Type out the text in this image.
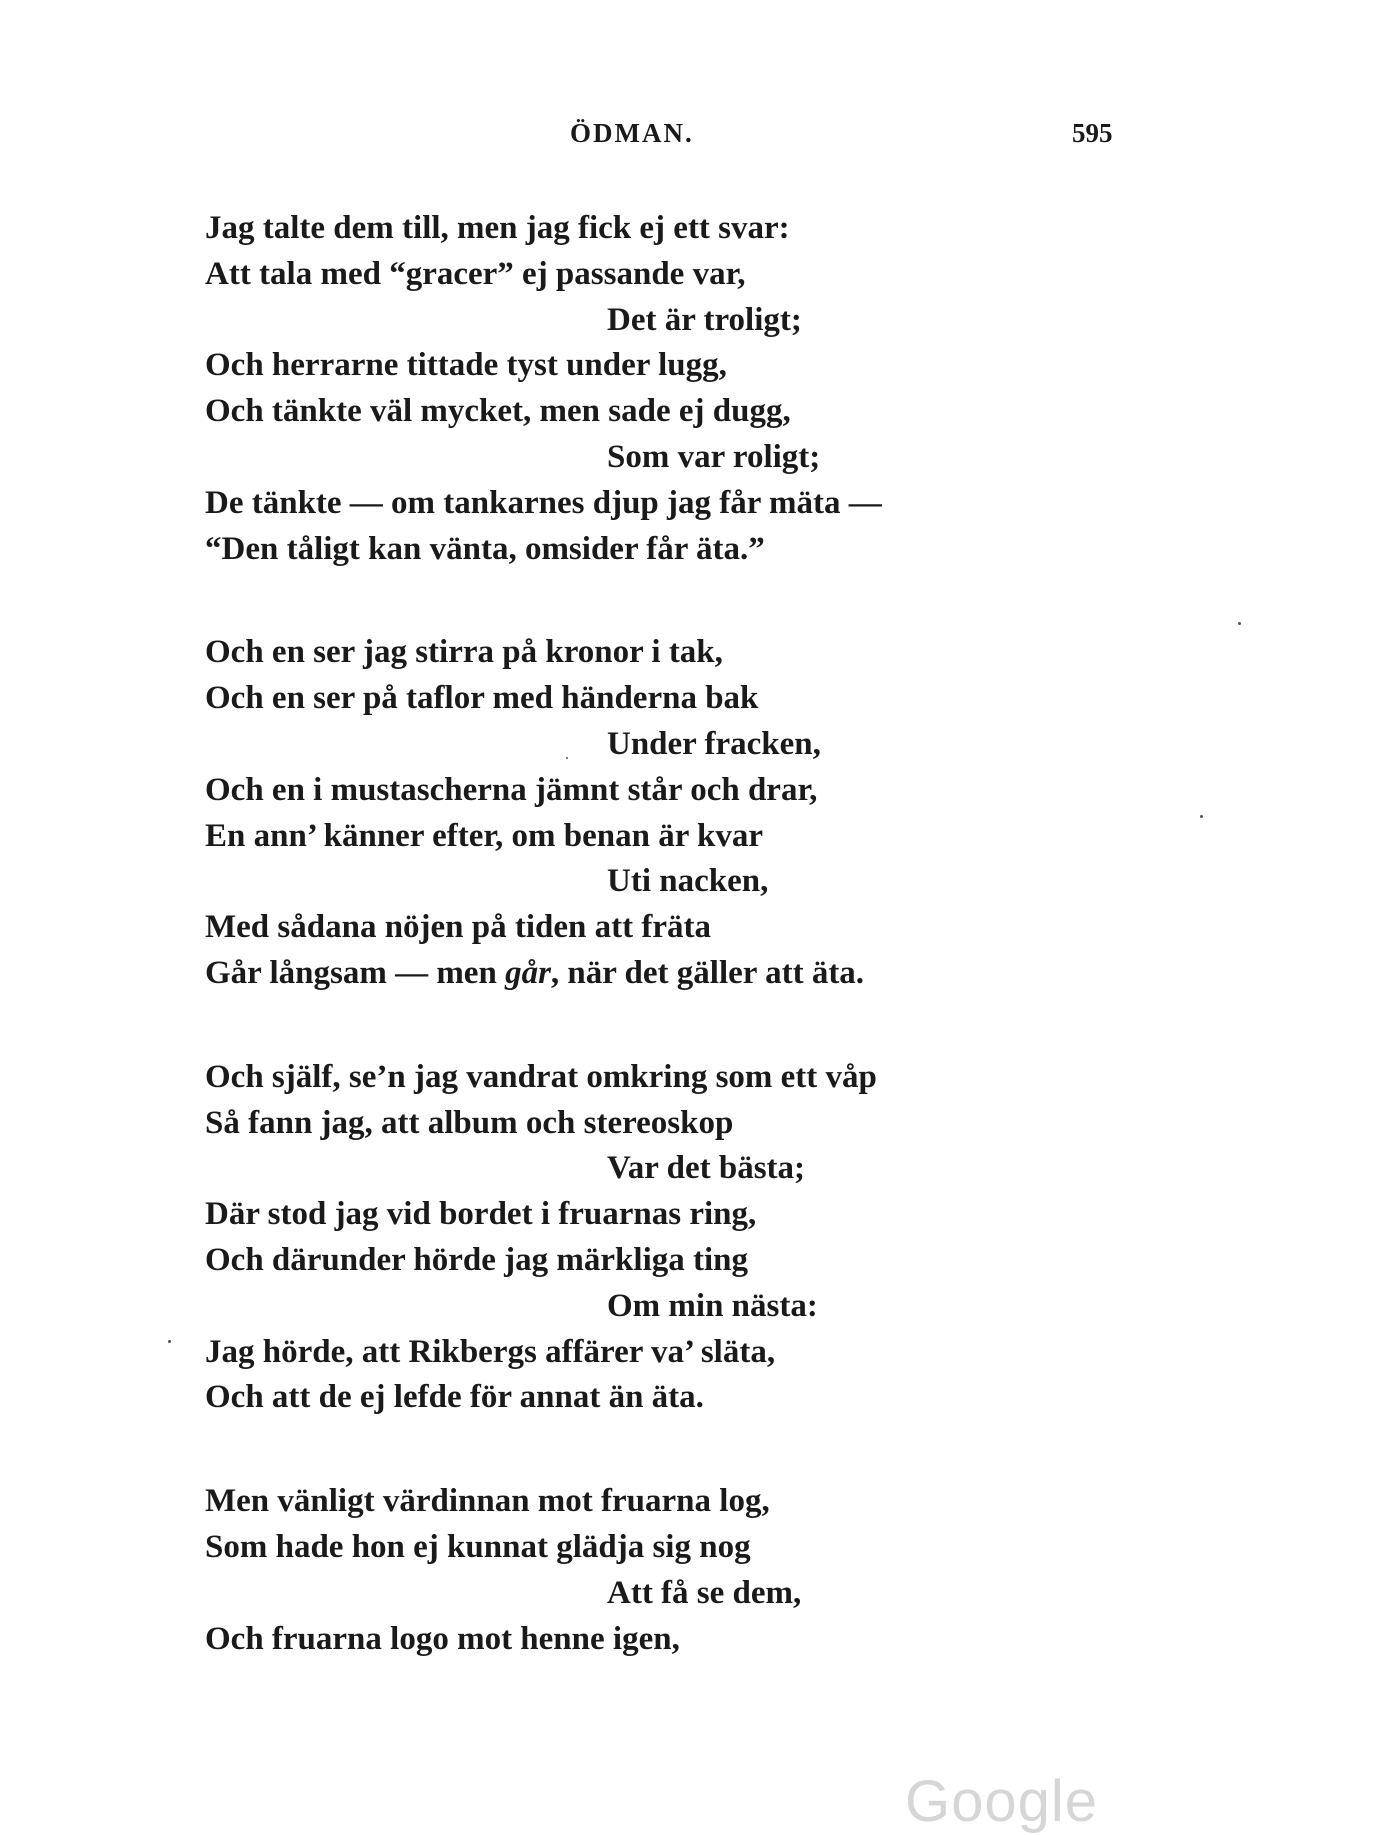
ÖDMAN.	595
Jag talte dem till, men jag fick ej ett svar:
Att tala med “gracer” ej passande var,
Det är troligt;
Och herrarne tittade tyst under lugg,
Och tänkte väl mycket, men sade ej dugg,
Som var roligt;
De tänkte — om tankarnes djup jag får mäta —
“Den tåligt kan vänta, omsider får äta.”
Och en ser jag stirra på kronor i tak,
Och en ser på taflor med händerna bak
Under fracken,
Och en i mustascherna jämnt står och drar,
En ann’ känner efter, om benan är kvar
Uti nacken,
Med sådana nöjen på tiden att fräta
Går långsam — men går, när det gäller att äta.
Och själf, se’n jag vandrat omkring som ett våp
Så fann jag, att album och stereoskop
Var det bästa;
Där stod jag vid bordet i fruarnas ring,
Och därunder hörde jag märkliga ting
Om min nästa:
Jag hörde, att Rikbergs affärer va’ släta,
Och att de ej lefde för annat än äta.
Men vänligt värdinnan mot fruarna log,
Som hade hon ej kunnat glädja sig nog
Att få se dem,
Och fruarna logo mot henne igen,
Google
